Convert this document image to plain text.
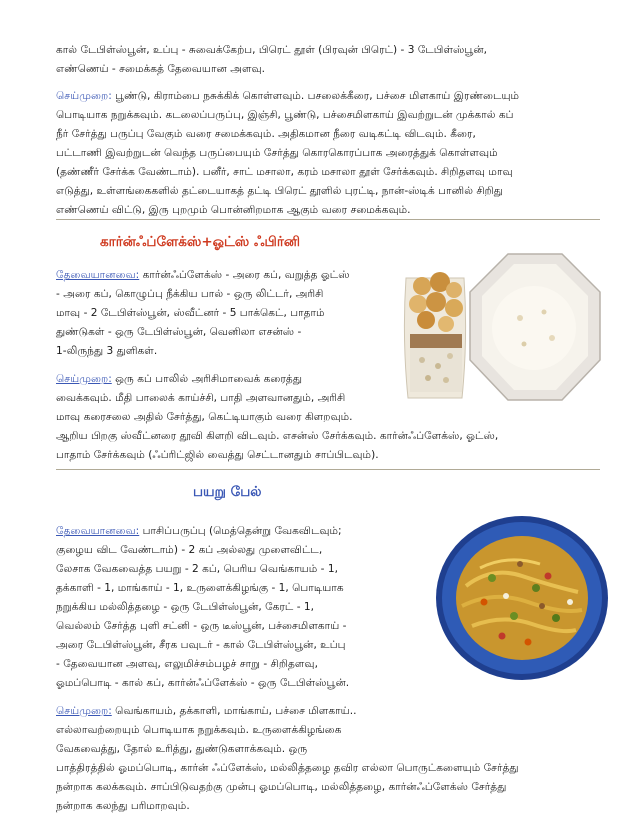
கால் டேபிள்ஸ்பூன், உப்பு - சுவைக்கேற்ப, பிரெட் தூள் (பிரவுன் பிரெட்) - 3 டேபிள்ஸ்பூன்,
எண்ணெய் - சமைக்கத் தேவையான அளவு.
செய்முறை: பூண்டு, கிராம்பை நசுக்கிக் கொள்ளவும். பசலைக்கீரை, பச்சை மிளகாய் இரண்டையும்
பொடியாக நறுக்கவும். கடலைப்பருப்பு, இஞ்சி, பூண்டு, பச்சைமிளகாய் இவற்றுடன் முக்கால் கப்
நீர் சேர்த்து பருப்பு வேகும் வரை சமைக்கவும். அதிகமான நீரை வடிகட்டி விடவும். கீரை,
பட்டாணி இவற்றுடன் வெந்த பருப்பையும் சேர்த்து கொரகொரப்பாக அரைத்துக் கொள்ளவும்
(தண்ணீர் சேர்க்க வேண்டாம்). பனீர், சாட் மசாலா, கரம் மசாலா தூள் சேர்க்கவும். சிறிதளவு மாவு
எடுத்து, உள்ளங்கைகளில் தட்டையாகத் தட்டி பிரெட் தூளில் புரட்டி, நான்-ஸ்டிக் பானில் சிறிது
எண்ணெய் விட்டு, இரு புறமும் பொன்னிறமாக ஆகும் வரை சமைக்கவும்.
கார்ன்ஃப்ளேக்ஸ்+ஓட்ஸ் ஃபிர்னி
தேவையானவை: கார்ன்ஃப்ளேக்ஸ் - அரை கப், வறுத்த ஓட்ஸ்
- அரை கப், கொழுப்பு நீக்கிய பால் - ஒரு லிட்டர், அரிசி
மாவு - 2 டேபிள்ஸ்பூன், ஸ்வீட்னர் - 5 பாக்கெட், பாதாம்
துண்டுகள் - ஒரு டேபிள்ஸ்பூன், வெனிலா எசன்ஸ் -
1-லிருந்து 3 துளிகள்.
செய்முறை: ஒரு கப் பாலில் அரிசிமாவைக் கரைத்து
வைக்கவும். மீதி பாலைக் காய்ச்சி, பாதி அளவானதும், அரிசி
மாவு கரைசலை அதில் சேர்த்து, கெட்டியாகும் வரை கிளறவும்.
ஆறிய பிறகு ஸ்வீட்னரை தூவி கிளறி விடவும். எசன்ஸ் சேர்க்கவும். கார்ன்ஃப்ளேக்ஸ், ஓட்ஸ்,
பாதாம் சேர்க்கவும் (ஃப்ரிட்ஜில் வைத்து செட்டானதும் சாப்பிடவும்).
பயறு பேல்
தேவையானவை: பாசிப்பருப்பு (மெத்தென்று வேகவிடவும்;
குழைய விட வேண்டாம்) - 2 கப் அல்லது முளைவிட்ட,
லேசாக வேகவைத்த பயறு - 2 கப், பெரிய வெங்காயம் - 1,
தக்காளி - 1, மாங்காய் - 1, உருளைக்கிழங்கு - 1, பொடியாக
நறுக்கிய மல்லித்தழை - ஒரு டேபிள்ஸ்பூன், கேரட் - 1,
வெல்லம் சேர்த்த புளி சட்னி - ஒரு டீஸ்பூன், பச்சைமிளகாய் -
அரை டேபிள்ஸ்பூன், சீரக பவுடர் - கால் டேபிள்ஸ்பூன், உப்பு
- தேவையான அளவு, எலுமிச்சம்பழச் சாறு - சிறிதளவு,
ஓமப்பொடி - கால் கப், கார்ன்ஃப்ளேக்ஸ் - ஒரு டேபிள்ஸ்பூன்.
செய்முறை: வெங்காயம், தக்காளி, மாங்காய், பச்சை மிளகாய்..
எல்லாவற்றையும் பொடியாக நறுக்கவும். உருளைக்கிழங்கை
வேகவைத்து, தோல் உரித்து, துண்டுகளாக்கவும். ஒரு
பாத்திரத்தில் ஓமப்பொடி, கார்ன் ஃப்ளேக்ஸ், மல்லித்தழை தவிர எல்லா பொருட்களையும் சேர்த்து
நன்றாக கலக்கவும். சாப்பிடுவதற்கு முன்பு ஓமப்பொடி, மல்லித்தழை, கார்ன்ஃப்ளேக்ஸ் சேர்த்து
நன்றாக கலந்து பரிமாறவும்.
